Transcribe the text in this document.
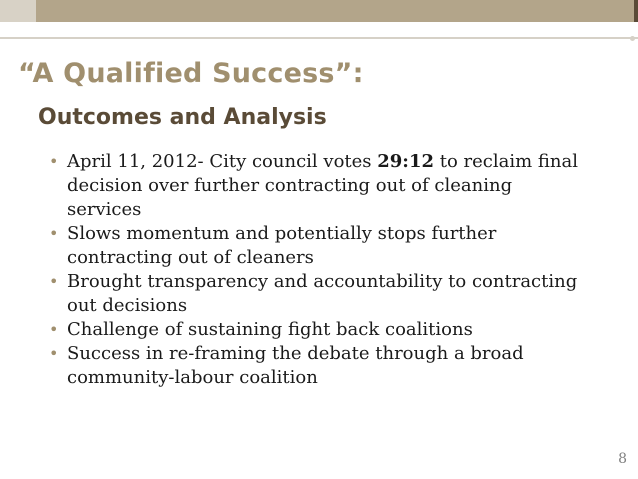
“A Qualified Success”:
Outcomes and Analysis
• April 11, 2012- City council votes 29:12 to reclaim final decision over further contracting out of cleaning services
• Slows momentum and potentially stops further contracting out of cleaners
• Brought transparency and accountability to contracting out decisions
• Challenge of sustaining fight back coalitions
• Success in re-framing the debate through a broad community-labour coalition
8
